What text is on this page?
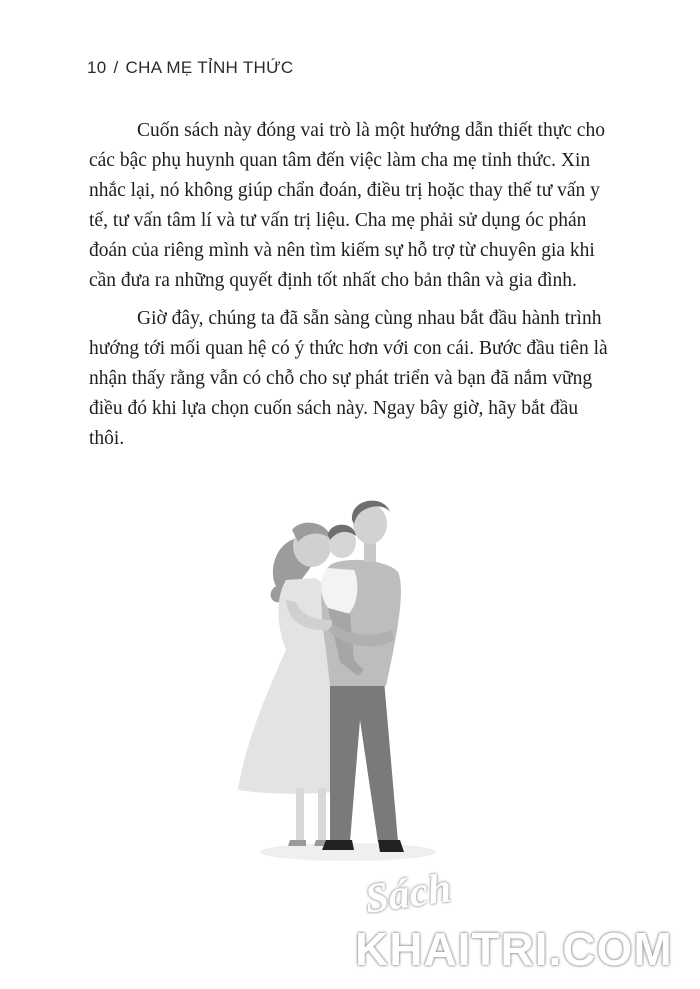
10 / CHA MẸ TỈNH THỨC

Cuốn sách này đóng vai trò là một hướng dẫn thiết thực cho các bậc phụ huynh quan tâm đến việc làm cha mẹ tỉnh thức. Xin nhắc lại, nó không giúp chẩn đoán, điều trị hoặc thay thế tư vấn y tế, tư vấn tâm lí và tư vấn trị liệu. Cha mẹ phải sử dụng óc phán đoán của riêng mình và nên tìm kiếm sự hỗ trợ từ chuyên gia khi cần đưa ra những quyết định tốt nhất cho bản thân và gia đình.

Giờ đây, chúng ta đã sẵn sàng cùng nhau bắt đầu hành trình hướng tới mối quan hệ có ý thức hơn với con cái. Bước đầu tiên là nhận thấy rằng vẫn có chỗ cho sự phát triển và bạn đã nắm vững điều đó khi lựa chọn cuốn sách này. Ngay bây giờ, hãy bắt đầu thôi.

Sách
KHAITRI.COM
